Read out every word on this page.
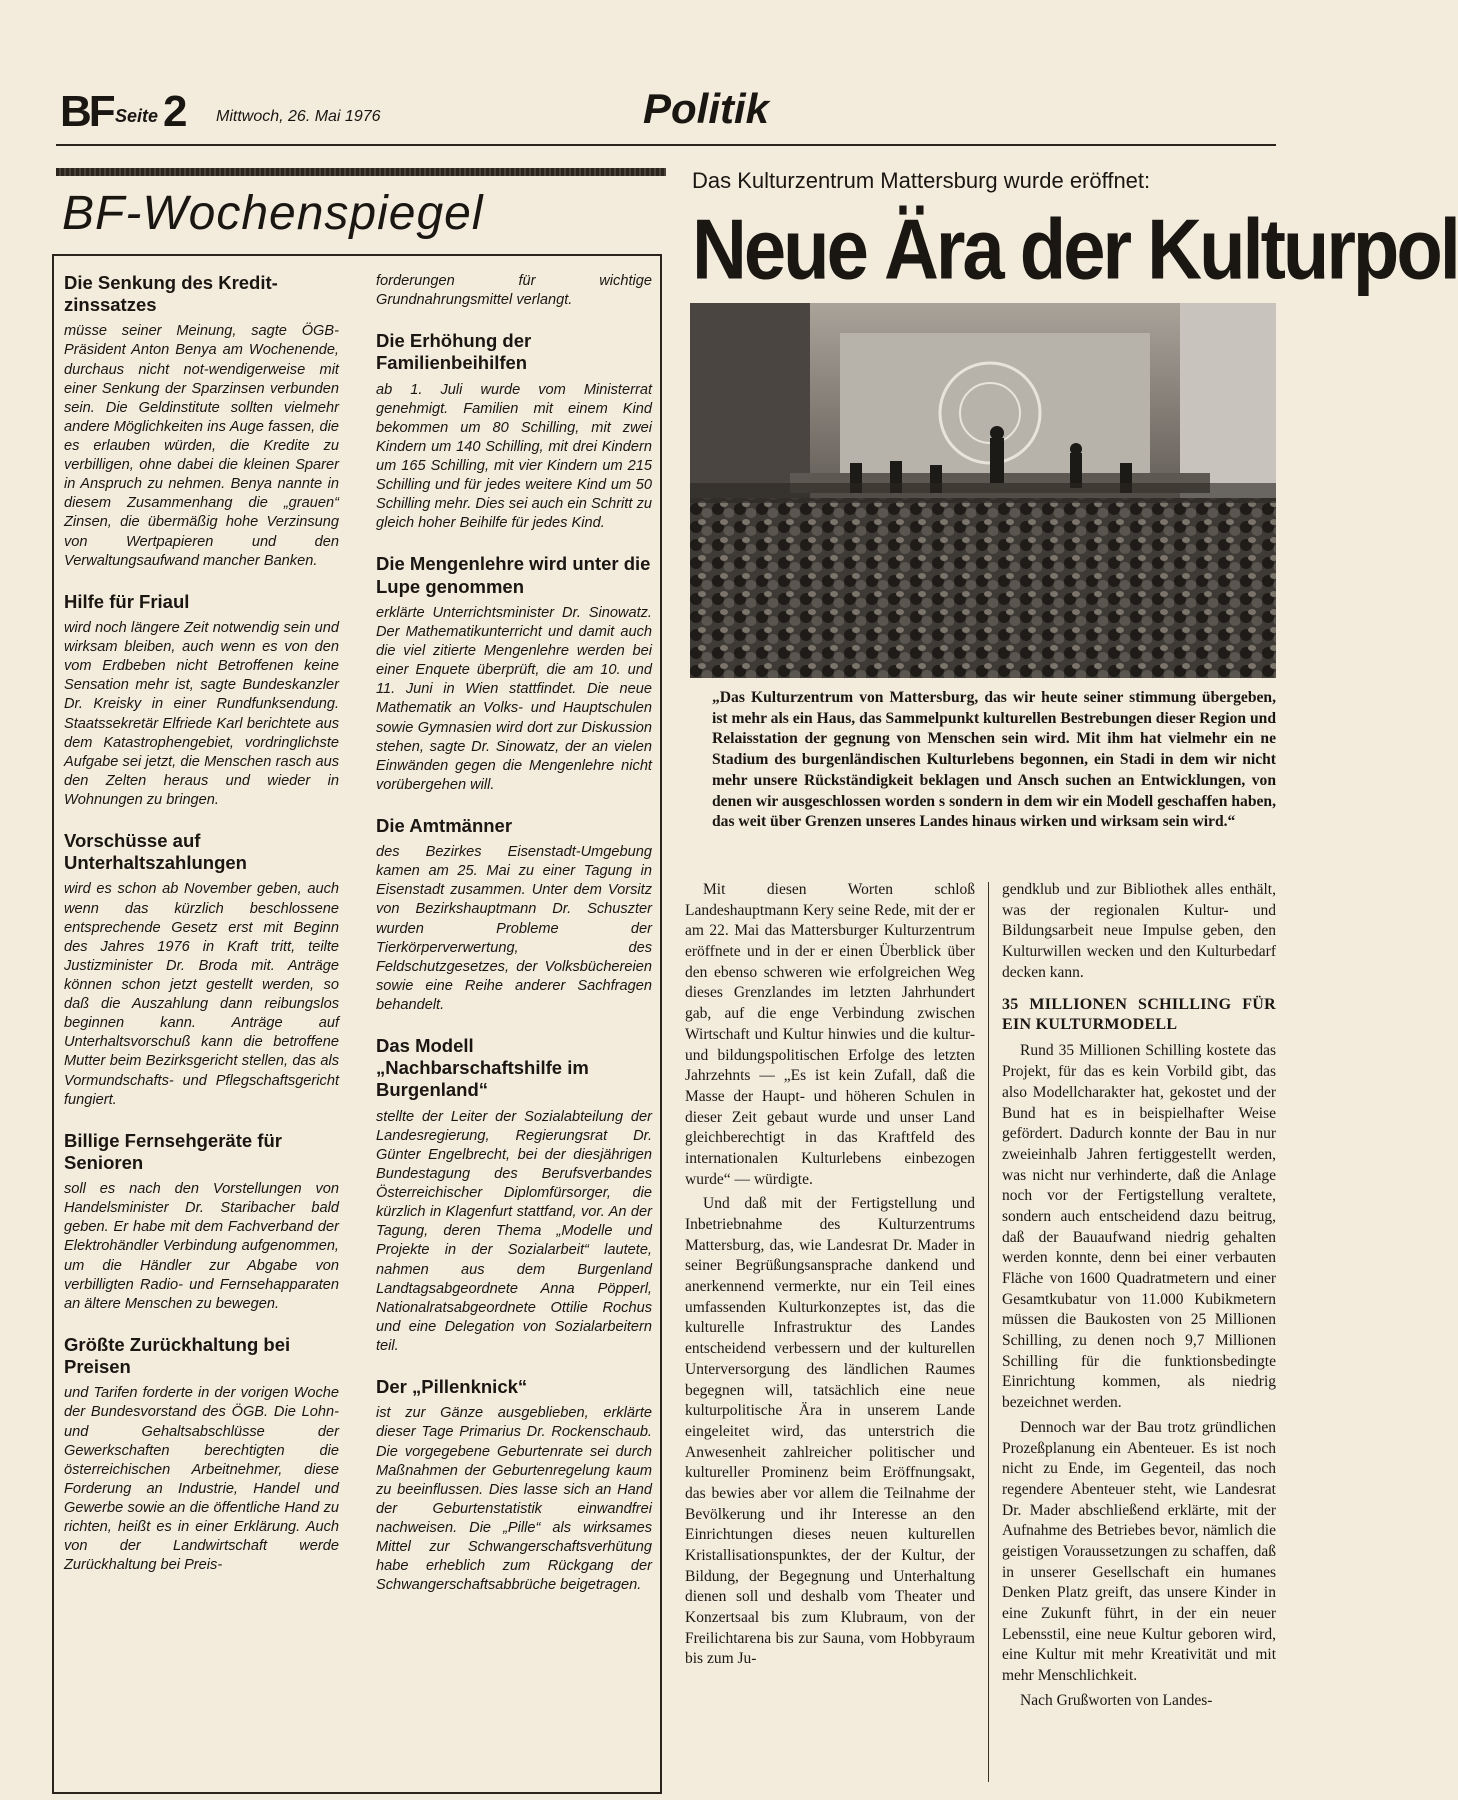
BF Seite 2 Mittwoch, 26. Mai 1976	Politik
BF-Wochenspiegel
Die Senkung des Kredit-zinssatzes
müsse seiner Meinung, sagte ÖGB-Präsident Anton Benya am Wochenende, durchaus nicht not-wendigerweise mit einer Senkung der Sparzinsen verbunden sein. Die Geldinstitute sollten vielmehr andere Möglichkeiten ins Auge fassen, die es erlauben würden, die Kredite zu verbilligen, ohne dabei die kleinen Sparer in Anspruch zu nehmen. Benya nannte in diesem Zusammenhang die „grauen“ Zinsen, die übermäßig hohe Verzinsung von Wertpapieren und den Verwaltungsaufwand mancher Banken.
Hilfe für Friaul
wird noch längere Zeit notwendig sein und wirksam bleiben, auch wenn es von den vom Erdbeben nicht Betroffenen keine Sensation mehr ist, sagte Bundeskanzler Dr. Kreisky in einer Rundfunksendung. Staatssekretär Elfriede Karl berichtete aus dem Katastrophengebiet, vordringlichste Aufgabe sei jetzt, die Menschen rasch aus den Zelten heraus und wieder in Wohnungen zu bringen.
Vorschüsse auf Unterhaltszahlungen
wird es schon ab November geben, auch wenn das kürzlich beschlossene entsprechende Gesetz erst mit Beginn des Jahres 1976 in Kraft tritt, teilte Justizminister Dr. Broda mit. Anträge können schon jetzt gestellt werden, so daß die Auszahlung dann reibungslos beginnen kann. Anträge auf Unterhaltsvorschuß kann die betroffene Mutter beim Bezirksgericht stellen, das als Vormundschafts- und Pflegschaftsgericht fungiert.
Billige Fernsehgeräte für Senioren
soll es nach den Vorstellungen von Handelsminister Dr. Staribacher bald geben. Er habe mit dem Fachverband der Elektrohändler Verbindung aufgenommen, um die Händler zur Abgabe von verbilligten Radio- und Fernsehapparaten an ältere Menschen zu bewegen.
Größte Zurückhaltung bei Preisen
und Tarifen forderte in der vorigen Woche der Bundesvorstand des ÖGB. Die Lohn- und Gehaltsabschlüsse der Gewerkschaften berechtigten die österreichischen Arbeitnehmer, diese Forderung an Industrie, Handel und Gewerbe sowie an die öffentliche Hand zu richten, heißt es in einer Erklärung. Auch von der Landwirtschaft werde Zurückhaltung bei Preis-
forderungen für wichtige Grundnahrungsmittel verlangt.
Die Erhöhung der Familienbeihilfen
ab 1. Juli wurde vom Ministerrat genehmigt. Familien mit einem Kind bekommen um 80 Schilling, mit zwei Kindern um 140 Schilling, mit drei Kindern um 165 Schilling, mit vier Kindern um 215 Schilling und für jedes weitere Kind um 50 Schilling mehr. Dies sei auch ein Schritt zu gleich hoher Beihilfe für jedes Kind.
Die Mengenlehre wird unter die Lupe genommen
erklärte Unterrichtsminister Dr. Sinowatz. Der Mathematikunterricht und damit auch die viel zitierte Mengenlehre werden bei einer Enquete überprüft, die am 10. und 11. Juni in Wien stattfindet. Die neue Mathematik an Volks- und Hauptschulen sowie Gymnasien wird dort zur Diskussion stehen, sagte Dr. Sinowatz, der an vielen Einwänden gegen die Mengenlehre nicht vorübergehen will.
Die Amtmänner
des Bezirkes Eisenstadt-Umgebung kamen am 25. Mai zu einer Tagung in Eisenstadt zusammen. Unter dem Vorsitz von Bezirkshauptmann Dr. Schuszter wurden Probleme der Tierkörperverwertung, des Feldschutzgesetzes, der Volksbüchereien sowie eine Reihe anderer Sachfragen behandelt.
Das Modell „Nachbarschaftshilfe im Burgenland“
stellte der Leiter der Sozialabteilung der Landesregierung, Regierungsrat Dr. Günter Engelbrecht, bei der diesjährigen Bundestagung des Berufsverbandes Österreichischer Diplomfürsorger, die kürzlich in Klagenfurt stattfand, vor. An der Tagung, deren Thema „Modelle und Projekte in der Sozialarbeit“ lautete, nahmen aus dem Burgenland Landtagsabgeordnete Anna Pöpperl, Nationalratsabgeordnete Ottilie Rochus und eine Delegation von Sozialarbeitern teil.
Der „Pillenknick“
ist zur Gänze ausgeblieben, erklärte dieser Tage Primarius Dr. Rockenschaub. Die vorgegebene Geburtenrate sei durch Maßnahmen der Geburtenregelung kaum zu beeinflussen. Dies lasse sich an Hand der Geburtenstatistik einwandfrei nachweisen. Die „Pille“ als wirksames Mittel zur Schwangerschaftsverhütung habe erheblich zum Rückgang der Schwangerschaftsabbrüche beigetragen.
Das Kulturzentrum Mattersburg wurde eröffnet:
Neue Ära der Kulturpol
„Das Kulturzentrum von Mattersburg, das wir heute seiner stimmung übergeben, ist mehr als ein Haus, das Sammelpunkt kulturellen Bestrebungen dieser Region und Relaisstation der gegnung von Menschen sein wird. Mit ihm hat vielmehr ein ne Stadium des burgenländischen Kulturlebens begonnen, ein Stadi in dem wir nicht mehr unsere Rückständigkeit beklagen und Ansch suchen an Entwicklungen, von denen wir ausgeschlossen worden s sondern in dem wir ein Modell geschaffen haben, das weit über Grenzen unseres Landes hinaus wirken und wirksam sein wird.“

Mit diesen Worten schloß Landeshauptmann Kery seine Rede, mit der er am 22. Mai das Mattersburger Kulturzentrum eröffnete und in der er einen Überblick über den ebenso schweren wie erfolgreichen Weg dieses Grenzlandes im letzten Jahrhundert gab, auf die enge Verbindung zwischen Wirtschaft und Kultur hinwies und die kultur- und bildungspolitischen Erfolge des letzten Jahrzehnts — „Es ist kein Zufall, daß die Masse der Haupt- und höheren Schulen in dieser Zeit gebaut wurde und unser Land gleichberechtigt in das Kraftfeld des internationalen Kulturlebens einbezogen wurde“ — würdigte.

Und daß mit der Fertigstellung und Inbetriebnahme des Kulturzentrums Mattersburg, das, wie Landesrat Dr. Mader in seiner Begrüßungsansprache dankend und anerkennend vermerkte, nur ein Teil eines umfassenden Kulturkonzeptes ist, das die kulturelle Infrastruktur des Landes entscheidend verbessern und der kulturellen Unterversorgung des ländlichen Raumes begegnen will, tatsächlich eine neue kulturpolitische Ära in unserem Lande eingeleitet wird, das unterstrich die Anwesenheit zahlreicher politischer und kultureller Prominenz beim Eröffnungsakt, das bewies aber vor allem die Teilnahme der Bevölkerung und ihr Interesse an den Einrichtungen dieses neuen kulturellen Kristallisationspunktes, der der Kultur, der Bildung, der Begegnung und Unterhaltung dienen soll und deshalb vom Theater und Konzertsaal bis zum Klubraum, von der Freilichtarena bis zur Sauna, vom Hobbyraum bis zum Ju-

gendklub und zur Bibliothek alles enthält, was der regionalen Kultur- und Bildungsarbeit neue Impulse geben, den Kulturwillen wecken und den Kulturbedarf decken kann.

35 MILLIONEN SCHILLING FÜR EIN KULTURMODELL

Rund 35 Millionen Schilling kostete das Projekt, für das es kein Vorbild gibt, das also Modellcharakter hat, gekostet und der Bund hat es in beispielhafter Weise gefördert. Dadurch konnte der Bau in nur zweieinhalb Jahren fertiggestellt werden, was nicht nur verhinderte, daß die Anlage noch vor der Fertigstellung veraltete, sondern auch entscheidend dazu beitrug, daß der Bauaufwand niedrig gehalten werden konnte, denn bei einer verbauten Fläche von 1600 Quadratmetern und einer Gesamtkubatur von 11.000 Kubikmetern müssen die Baukosten von 25 Millionen Schilling, zu denen noch 9,7 Millionen Schilling für die funktionsbedingte Einrichtung kommen, als niedrig bezeichnet werden.

Dennoch war der Bau trotz gründlichen Prozeßplanung ein Abenteuer. Es ist noch nicht zu Ende, im Gegenteil, das noch regendere Abenteuer steht, wie Landesrat Dr. Mader abschließend erklärte, mit der Aufnahme des Betriebes bevor, nämlich die geistigen Voraussetzungen zu schaffen, daß in unserer Gesellschaft ein humanes Denken Platz greift, das unsere Kinder in eine Zukunft führt, in der ein neuer Lebensstil, eine neue Kultur geboren wird, eine Kultur mit mehr Kreativität und mit mehr Menschlichkeit.

Nach Grußworten von Landes-
